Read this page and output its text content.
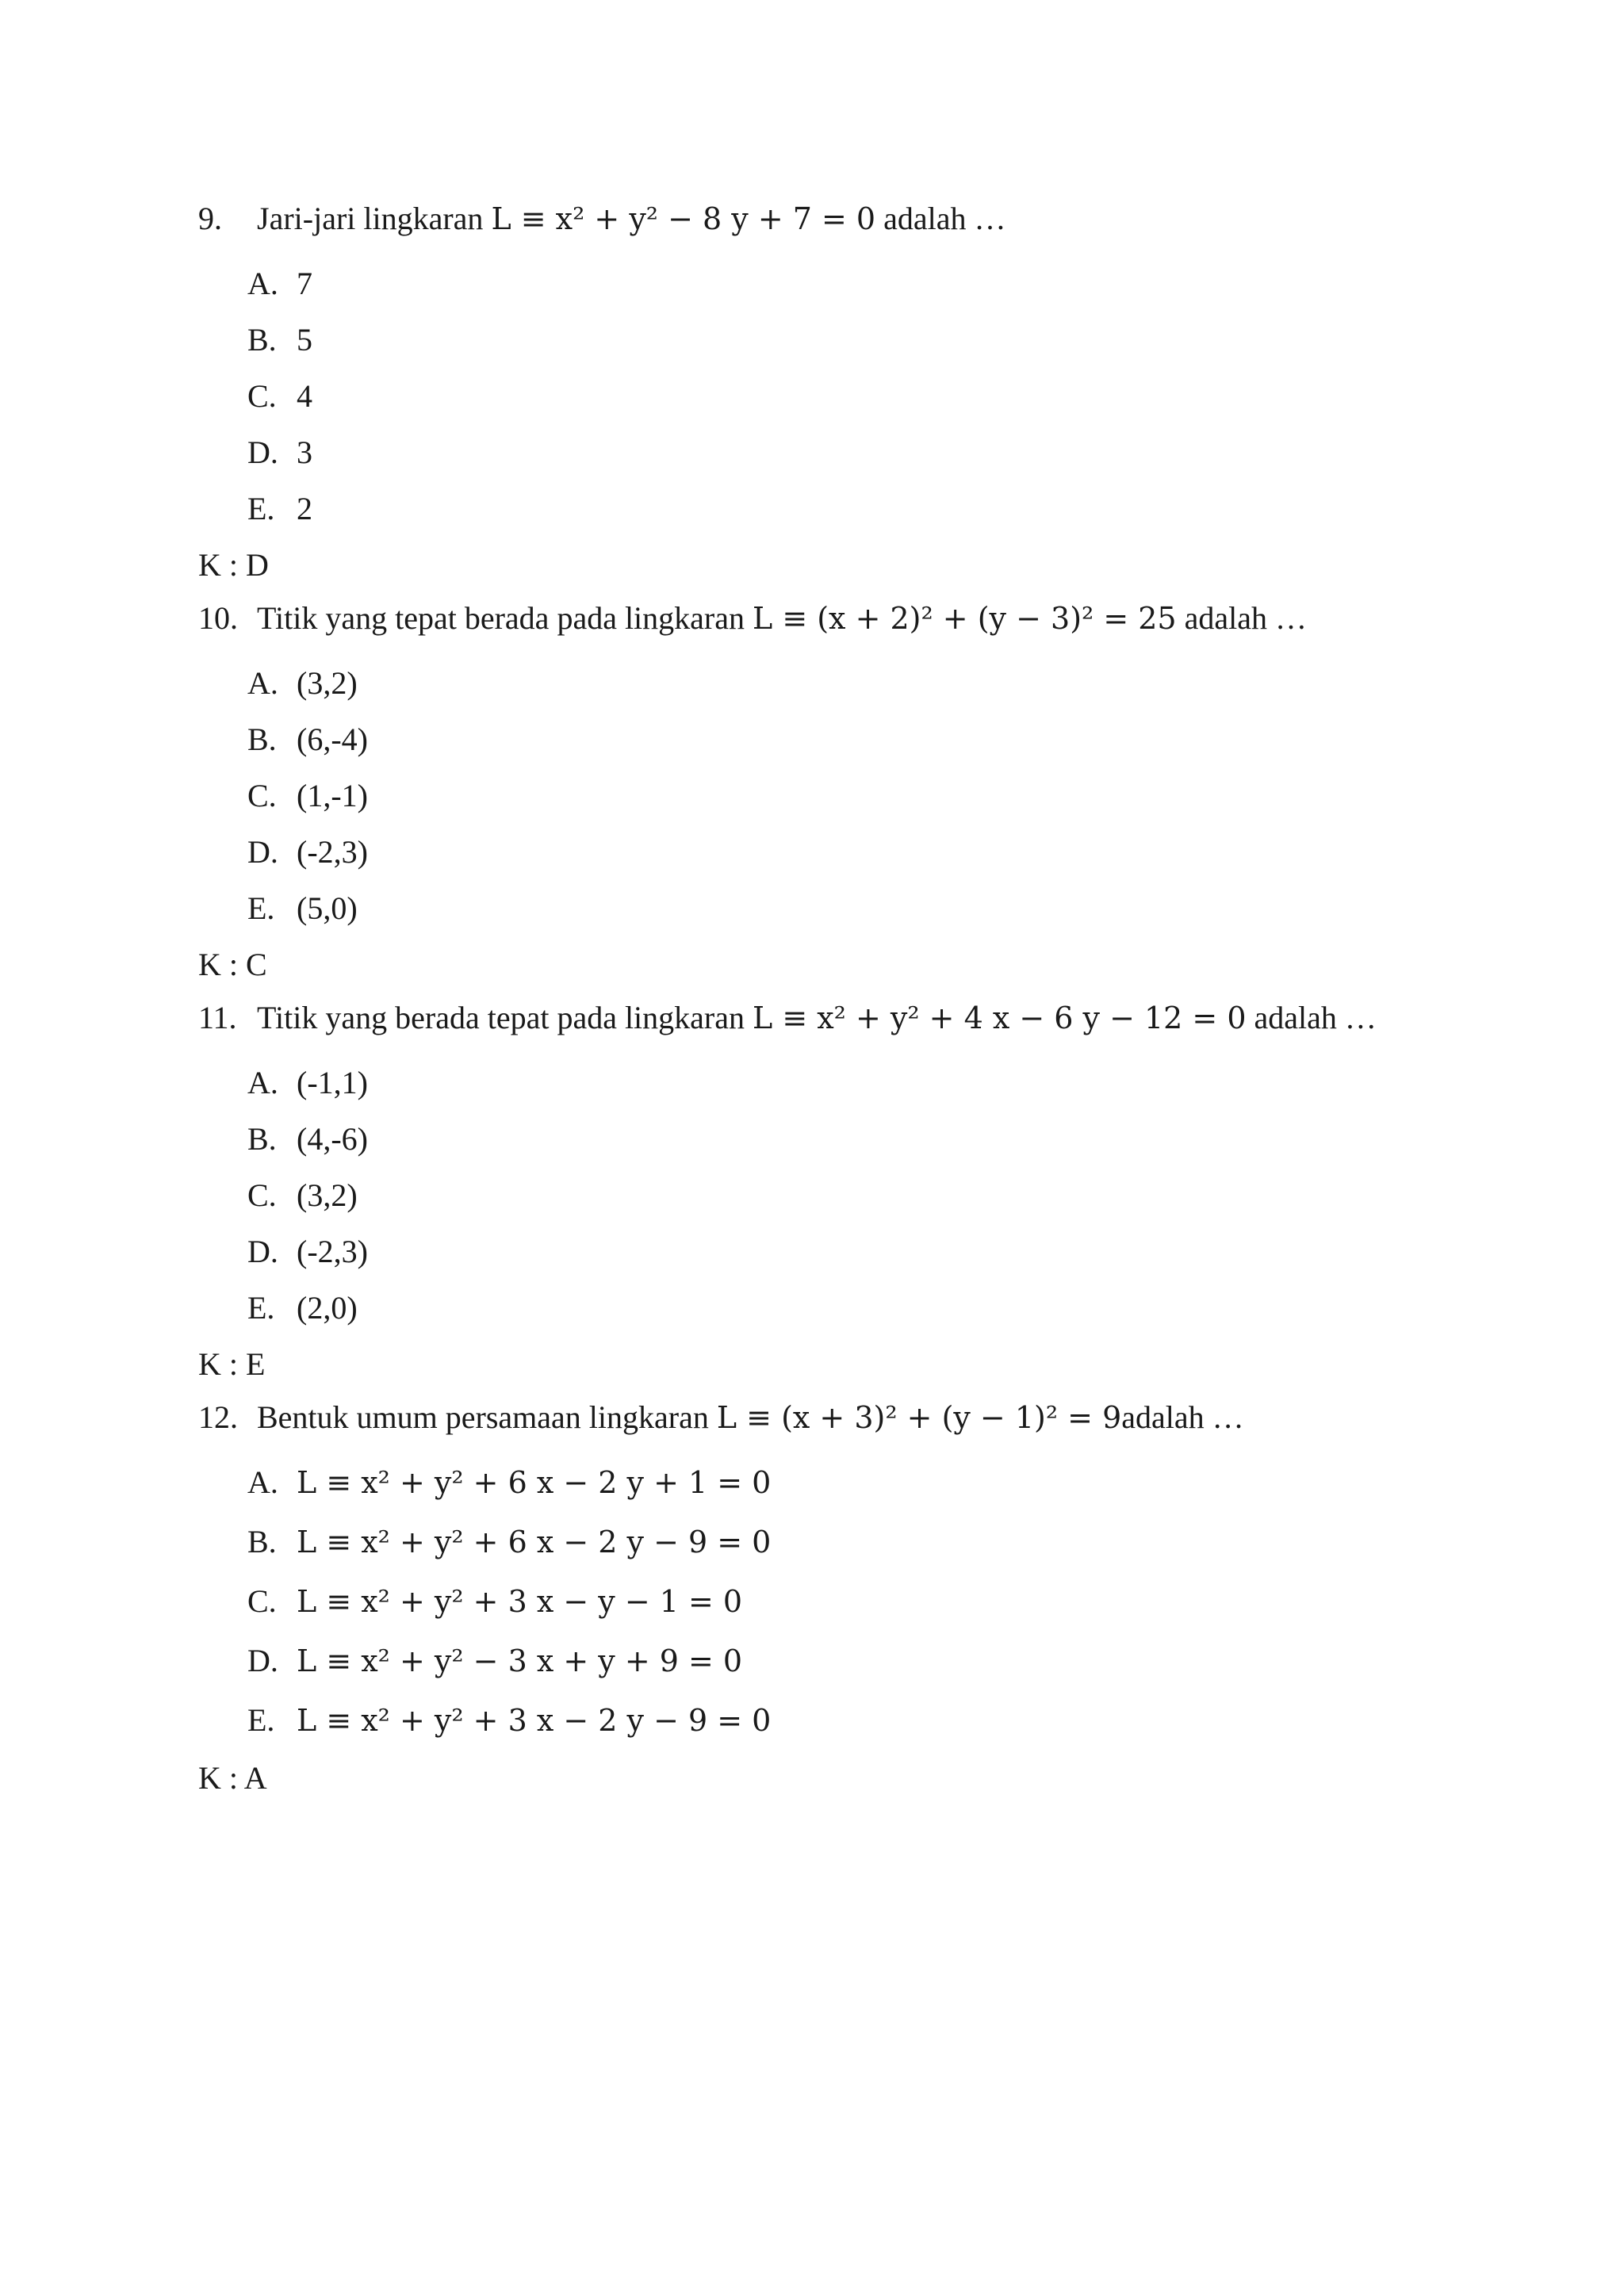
9. Jari-jari lingkaran L ≡ x² + y² − 8 y + 7 = 0 adalah …
A. 7
B. 5
C. 4
D. 3
E. 2
K : D
10. Titik yang tepat berada pada lingkaran L ≡ (x + 2)² + (y − 3)² = 25 adalah …
A. (3,2)
B. (6,-4)
C. (1,-1)
D. (-2,3)
E. (5,0)
K : C
11. Titik yang berada tepat pada lingkaran L ≡ x² + y² + 4 x − 6 y − 12 = 0 adalah …
A. (-1,1)
B. (4,-6)
C. (3,2)
D. (-2,3)
E. (2,0)
K : E
12. Bentuk umum persamaan lingkaran L ≡ (x + 3)² + (y − 1)² = 9adalah …
A. L ≡ x² + y² + 6 x − 2 y + 1 = 0
B. L ≡ x² + y² + 6 x − 2 y − 9 = 0
C. L ≡ x² + y² + 3 x − y − 1 = 0
D. L ≡ x² + y² − 3 x + y + 9 = 0
E. L ≡ x² + y² + 3 x − 2 y − 9 = 0
K : A
